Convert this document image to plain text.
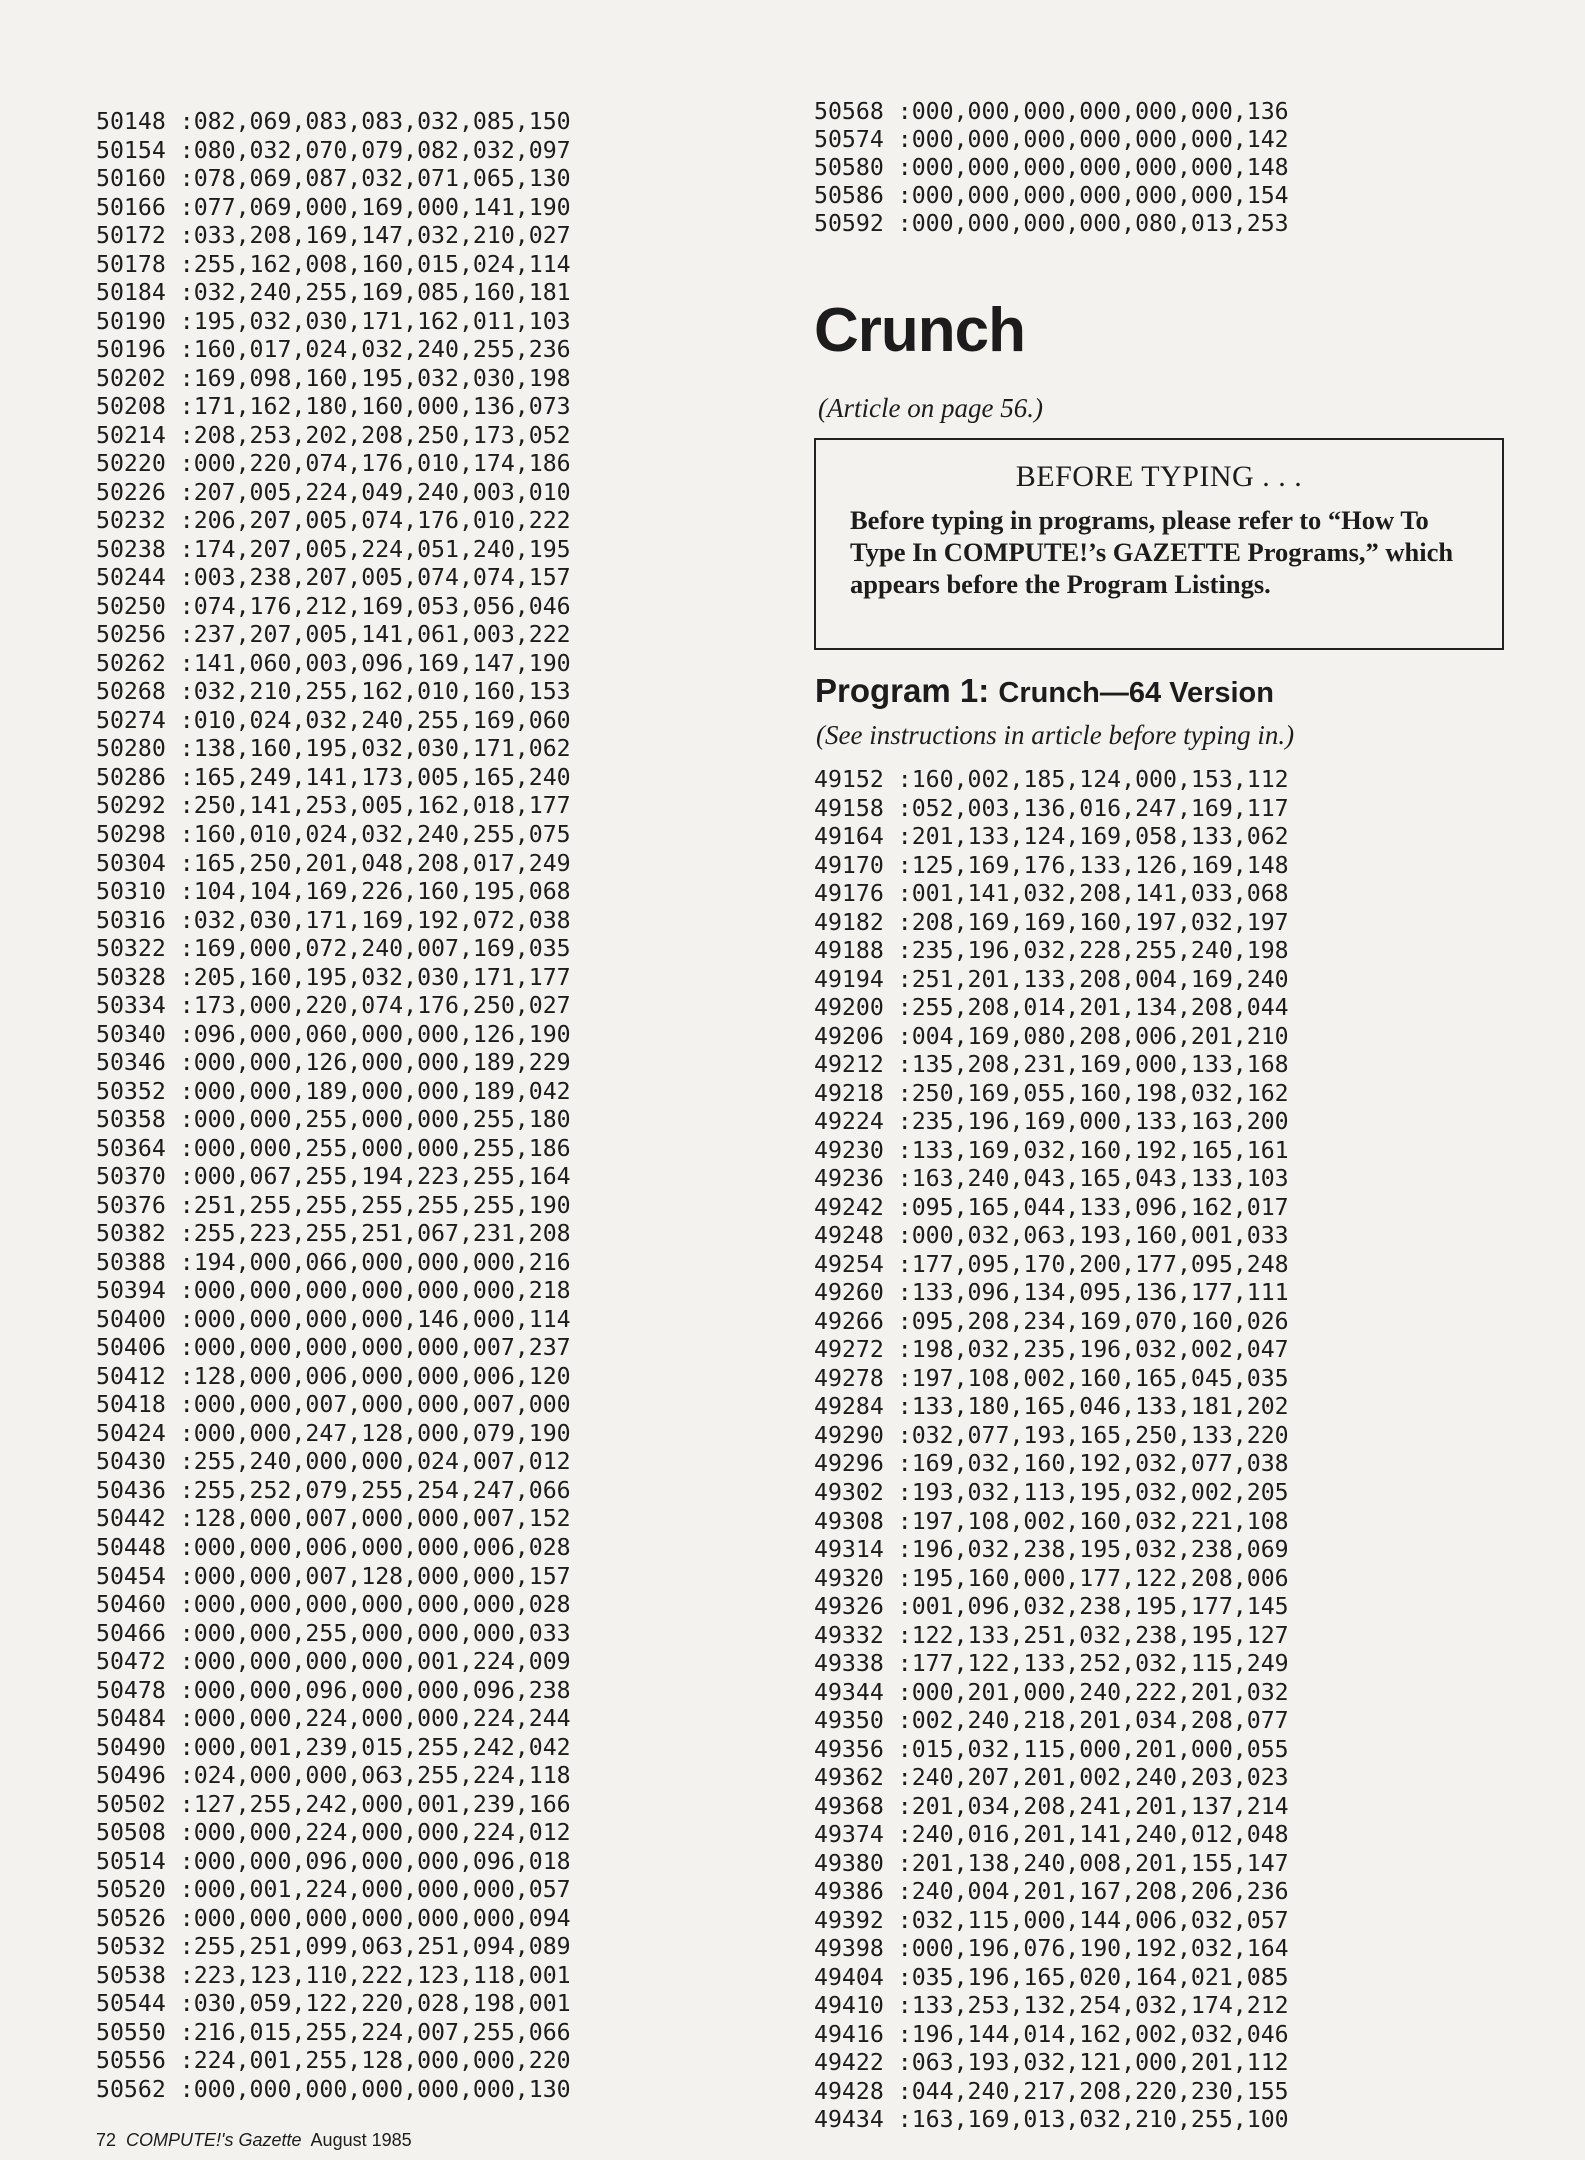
50148 :082,069,083,083,032,085,150
50154 :080,032,070,079,082,032,097
50160 :078,069,087,032,071,065,130
50166 :077,069,000,169,000,141,190
50172 :033,208,169,147,032,210,027
50178 :255,162,008,160,015,024,114
50184 :032,240,255,169,085,160,181
50190 :195,032,030,171,162,011,103
50196 :160,017,024,032,240,255,236
50202 :169,098,160,195,032,030,198
50208 :171,162,180,160,000,136,073
50214 :208,253,202,208,250,173,052
50220 :000,220,074,176,010,174,186
50226 :207,005,224,049,240,003,010
50232 :206,207,005,074,176,010,222
50238 :174,207,005,224,051,240,195
50244 :003,238,207,005,074,074,157
50250 :074,176,212,169,053,056,046
50256 :237,207,005,141,061,003,222
50262 :141,060,003,096,169,147,190
50268 :032,210,255,162,010,160,153
50274 :010,024,032,240,255,169,060
50280 :138,160,195,032,030,171,062
50286 :165,249,141,173,005,165,240
50292 :250,141,253,005,162,018,177
50298 :160,010,024,032,240,255,075
50304 :165,250,201,048,208,017,249
50310 :104,104,169,226,160,195,068
50316 :032,030,171,169,192,072,038
50322 :169,000,072,240,007,169,035
50328 :205,160,195,032,030,171,177
50334 :173,000,220,074,176,250,027
50340 :096,000,060,000,000,126,190
50346 :000,000,126,000,000,189,229
50352 :000,000,189,000,000,189,042
50358 :000,000,255,000,000,255,180
50364 :000,000,255,000,000,255,186
50370 :000,067,255,194,223,255,164
50376 :251,255,255,255,255,255,190
50382 :255,223,255,251,067,231,208
50388 :194,000,066,000,000,000,216
50394 :000,000,000,000,000,000,218
50400 :000,000,000,000,146,000,114
50406 :000,000,000,000,000,007,237
50412 :128,000,006,000,000,006,120
50418 :000,000,007,000,000,007,000
50424 :000,000,247,128,000,079,190
50430 :255,240,000,000,024,007,012
50436 :255,252,079,255,254,247,066
50442 :128,000,007,000,000,007,152
50448 :000,000,006,000,000,006,028
50454 :000,000,007,128,000,000,157
50460 :000,000,000,000,000,000,028
50466 :000,000,255,000,000,000,033
50472 :000,000,000,000,001,224,009
50478 :000,000,096,000,000,096,238
50484 :000,000,224,000,000,224,244
50490 :000,001,239,015,255,242,042
50496 :024,000,000,063,255,224,118
50502 :127,255,242,000,001,239,166
50508 :000,000,224,000,000,224,012
50514 :000,000,096,000,000,096,018
50520 :000,001,224,000,000,000,057
50526 :000,000,000,000,000,000,094
50532 :255,251,099,063,251,094,089
50538 :223,123,110,222,123,118,001
50544 :030,059,122,220,028,198,001
50550 :216,015,255,224,007,255,066
50556 :224,001,255,128,000,000,220
50562 :000,000,000,000,000,000,130
50568 :000,000,000,000,000,000,136
50574 :000,000,000,000,000,000,142
50580 :000,000,000,000,000,000,148
50586 :000,000,000,000,000,000,154
50592 :000,000,000,000,080,013,253
Crunch
(Article on page 56.)
BEFORE TYPING . . .
Before typing in programs, please refer to “How To Type In COMPUTE!’s GAZETTE Programs,” which appears before the Program Listings.
Program 1: Crunch—64 Version
(See instructions in article before typing in.)
49152 :160,002,185,124,000,153,112
49158 :052,003,136,016,247,169,117
49164 :201,133,124,169,058,133,062
49170 :125,169,176,133,126,169,148
49176 :001,141,032,208,141,033,068
49182 :208,169,169,160,197,032,197
49188 :235,196,032,228,255,240,198
49194 :251,201,133,208,004,169,240
49200 :255,208,014,201,134,208,044
49206 :004,169,080,208,006,201,210
49212 :135,208,231,169,000,133,168
49218 :250,169,055,160,198,032,162
49224 :235,196,169,000,133,163,200
49230 :133,169,032,160,192,165,161
49236 :163,240,043,165,043,133,103
49242 :095,165,044,133,096,162,017
49248 :000,032,063,193,160,001,033
49254 :177,095,170,200,177,095,248
49260 :133,096,134,095,136,177,111
49266 :095,208,234,169,070,160,026
49272 :198,032,235,196,032,002,047
49278 :197,108,002,160,165,045,035
49284 :133,180,165,046,133,181,202
49290 :032,077,193,165,250,133,220
49296 :169,032,160,192,032,077,038
49302 :193,032,113,195,032,002,205
49308 :197,108,002,160,032,221,108
49314 :196,032,238,195,032,238,069
49320 :195,160,000,177,122,208,006
49326 :001,096,032,238,195,177,145
49332 :122,133,251,032,238,195,127
49338 :177,122,133,252,032,115,249
49344 :000,201,000,240,222,201,032
49350 :002,240,218,201,034,208,077
49356 :015,032,115,000,201,000,055
49362 :240,207,201,002,240,203,023
49368 :201,034,208,241,201,137,214
49374 :240,016,201,141,240,012,048
49380 :201,138,240,008,201,155,147
49386 :240,004,201,167,208,206,236
49392 :032,115,000,144,006,032,057
49398 :000,196,076,190,192,032,164
49404 :035,196,165,020,164,021,085
49410 :133,253,132,254,032,174,212
49416 :196,144,014,162,002,032,046
49422 :063,193,032,121,000,201,112
49428 :044,240,217,208,220,230,155
49434 :163,169,013,032,210,255,100
72 COMPUTE!'s Gazette August 1985
